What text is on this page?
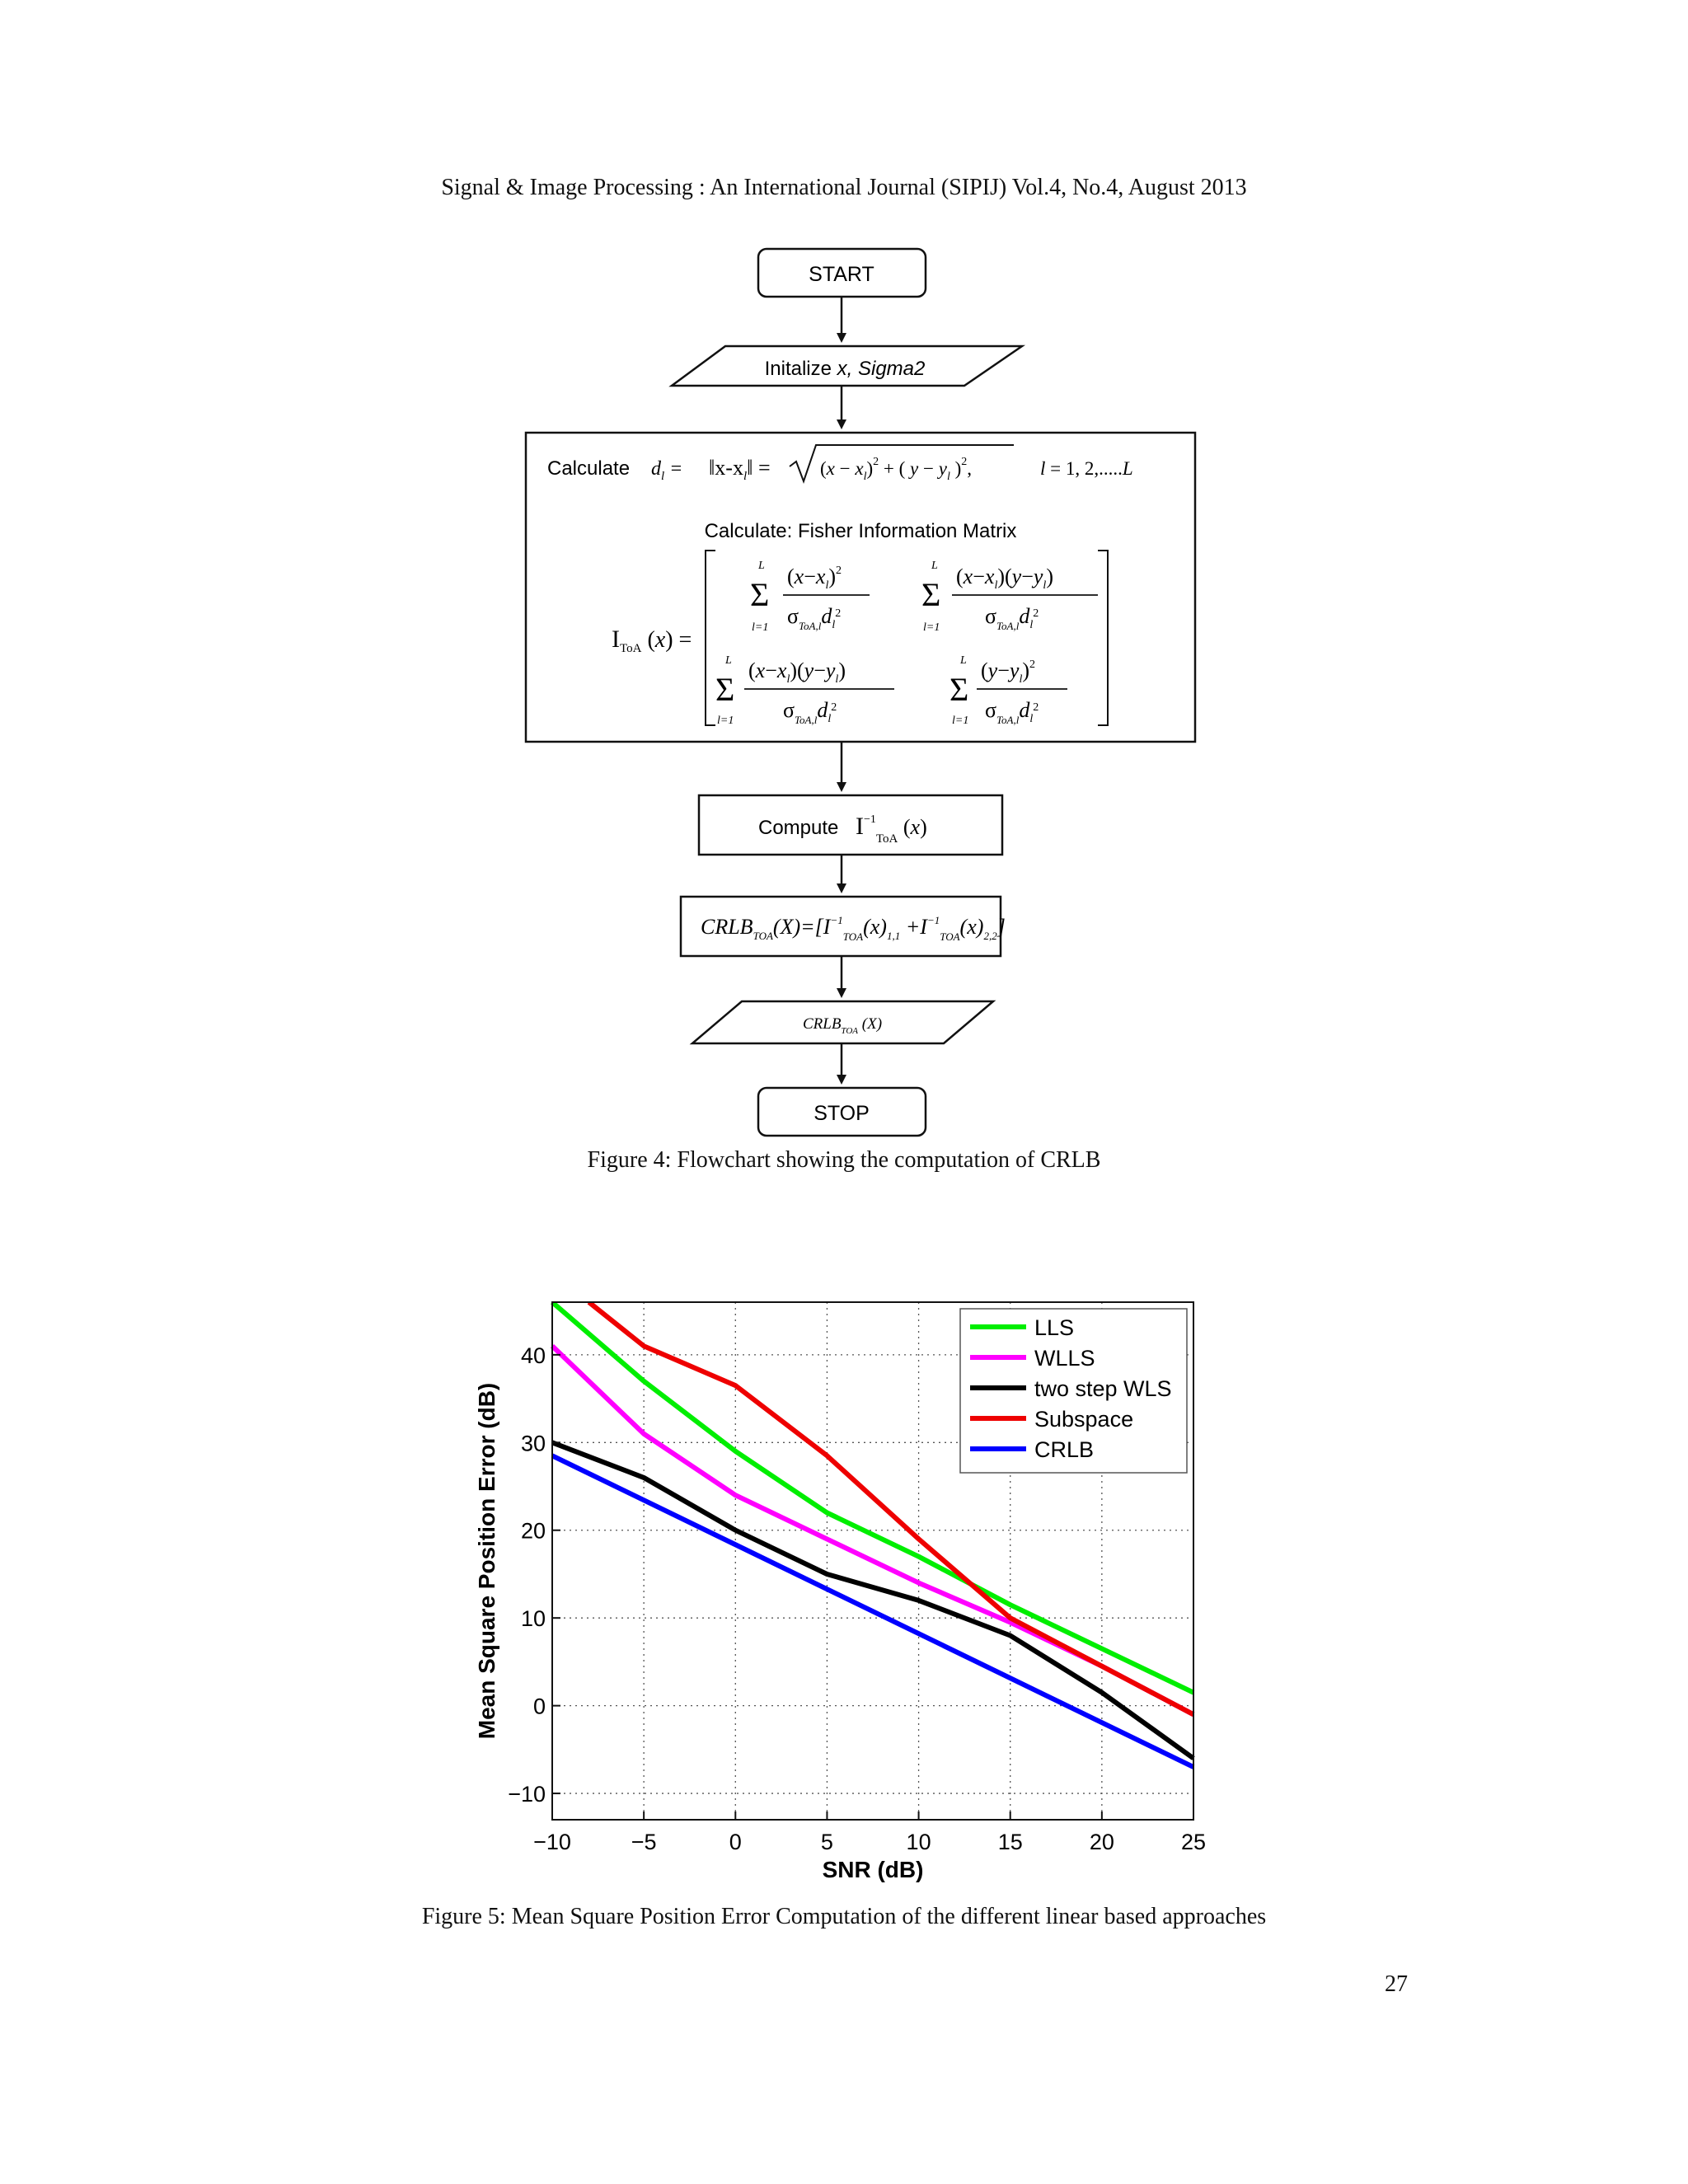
Signal & Image Processing : An International Journal (SIPIJ) Vol.4, No.4, August 2013
START
Initalize x, Sigma2
Calculate $d_l$ = $‖x-x_l‖$ =	$(x - x_l)^2$ + ( $y - y_l$ )$^2$,	l = 1, 2,.....L
Calculate: Fisher Information Matrix
$I_{ToA}$ (x) =
L
Σ
l=1
$(x-x_l)^2$
$\sigma_{ToA,l}d_l^2$
L
Σ
l=1
$(x-x_l)(y-y_l)$
$\sigma_{ToA,l}d_l^2$
L
Σ
l=1
$(x-x_l)(y-y_l)$
$\sigma_{ToA,l}d_l^2$
L
Σ
l=1
$(y-y_l)^2$
$\sigma_{ToA,l}d_l^2$
Compute $I^{-1}_{ToA}$ (x)
$CRLB_{TOA}(X)=[I^{-1}_{TOA}(x)_{1,1} +I^{-1}_{TOA}(x)_{2,2}]$
$CRLB_{TOA}$ (X)
STOP
Figure 4: Flowchart showing the computation of CRLB
−10	−5	0	5	10	15	20	25
−10
0
10
20
30
40
SNR (dB)
Mean Square Position Error (dB)
LLS
WLLS
two step WLS
Subspace
CRLB
Figure 5: Mean Square Position Error Computation of the different linear based approaches
27
